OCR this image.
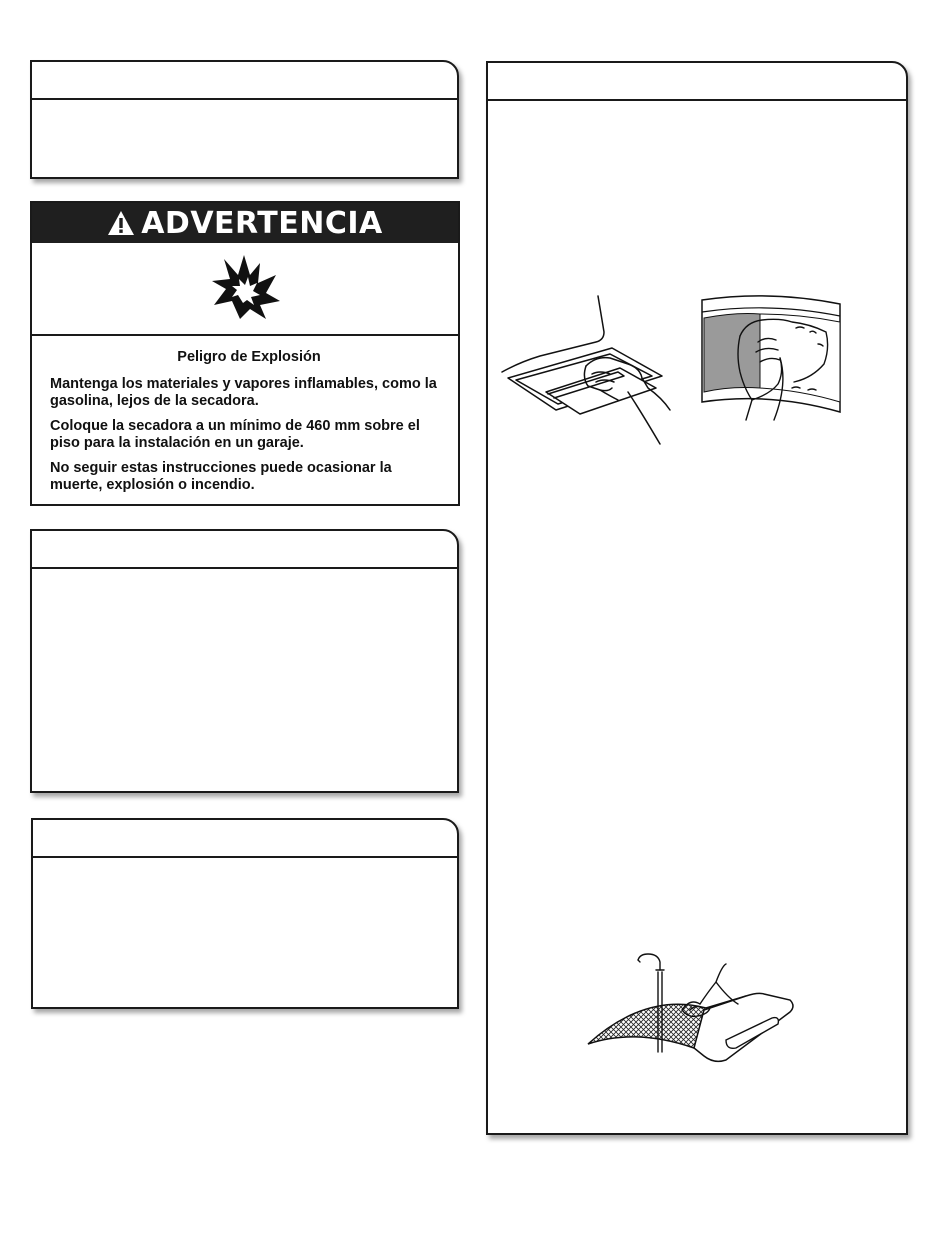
ADVERTENCIA

Peligro de Explosión

Mantenga los materiales y vapores inflamables, como la gasolina, lejos de la secadora.

Coloque la secadora a un mínimo de 460 mm sobre el piso para la instalación en un garaje.

No seguir estas instrucciones puede ocasionar la muerte, explosión o incendio.
